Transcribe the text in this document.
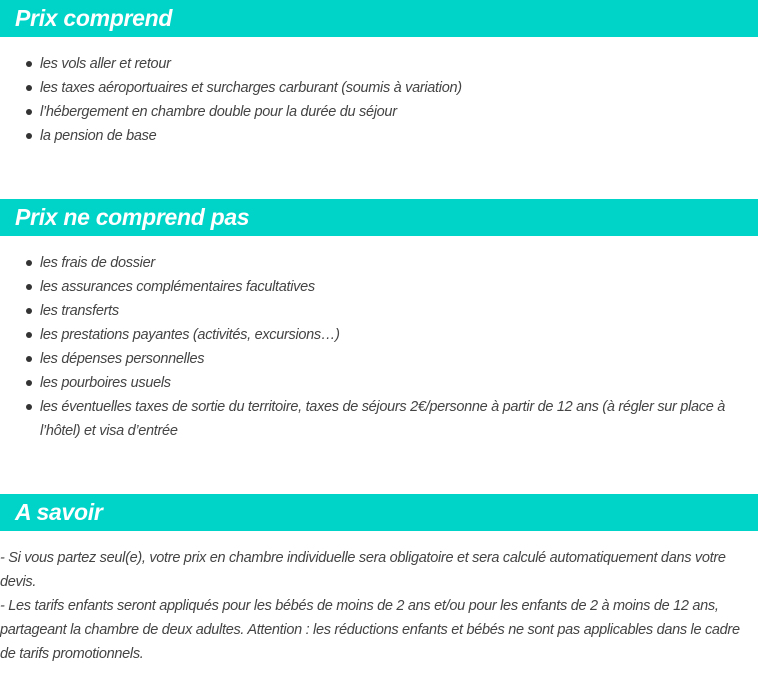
Prix comprend
les vols aller et retour
les taxes aéroportuaires et surcharges carburant (soumis à variation)
l’hébergement en chambre double pour la durée du séjour
la pension de base
Prix ne comprend pas
les frais de dossier
les assurances complémentaires facultatives
les transferts
les prestations payantes (activités, excursions…)
les dépenses personnelles
les pourboires usuels
les éventuelles taxes de sortie du territoire, taxes de séjours 2€/personne à partir de 12 ans (à régler sur place à l’hôtel) et visa d’entrée
A savoir

- Si vous partez seul(e), votre prix en chambre individuelle sera obligatoire et sera calculé automatiquement dans votre devis.

- Les tarifs enfants seront appliqués pour les bébés de moins de 2 ans et/ou pour les enfants de 2 à moins de 12 ans, partageant la chambre de deux adultes. Attention : les réductions enfants et bébés ne sont pas applicables dans le cadre de tarifs promotionnels.
